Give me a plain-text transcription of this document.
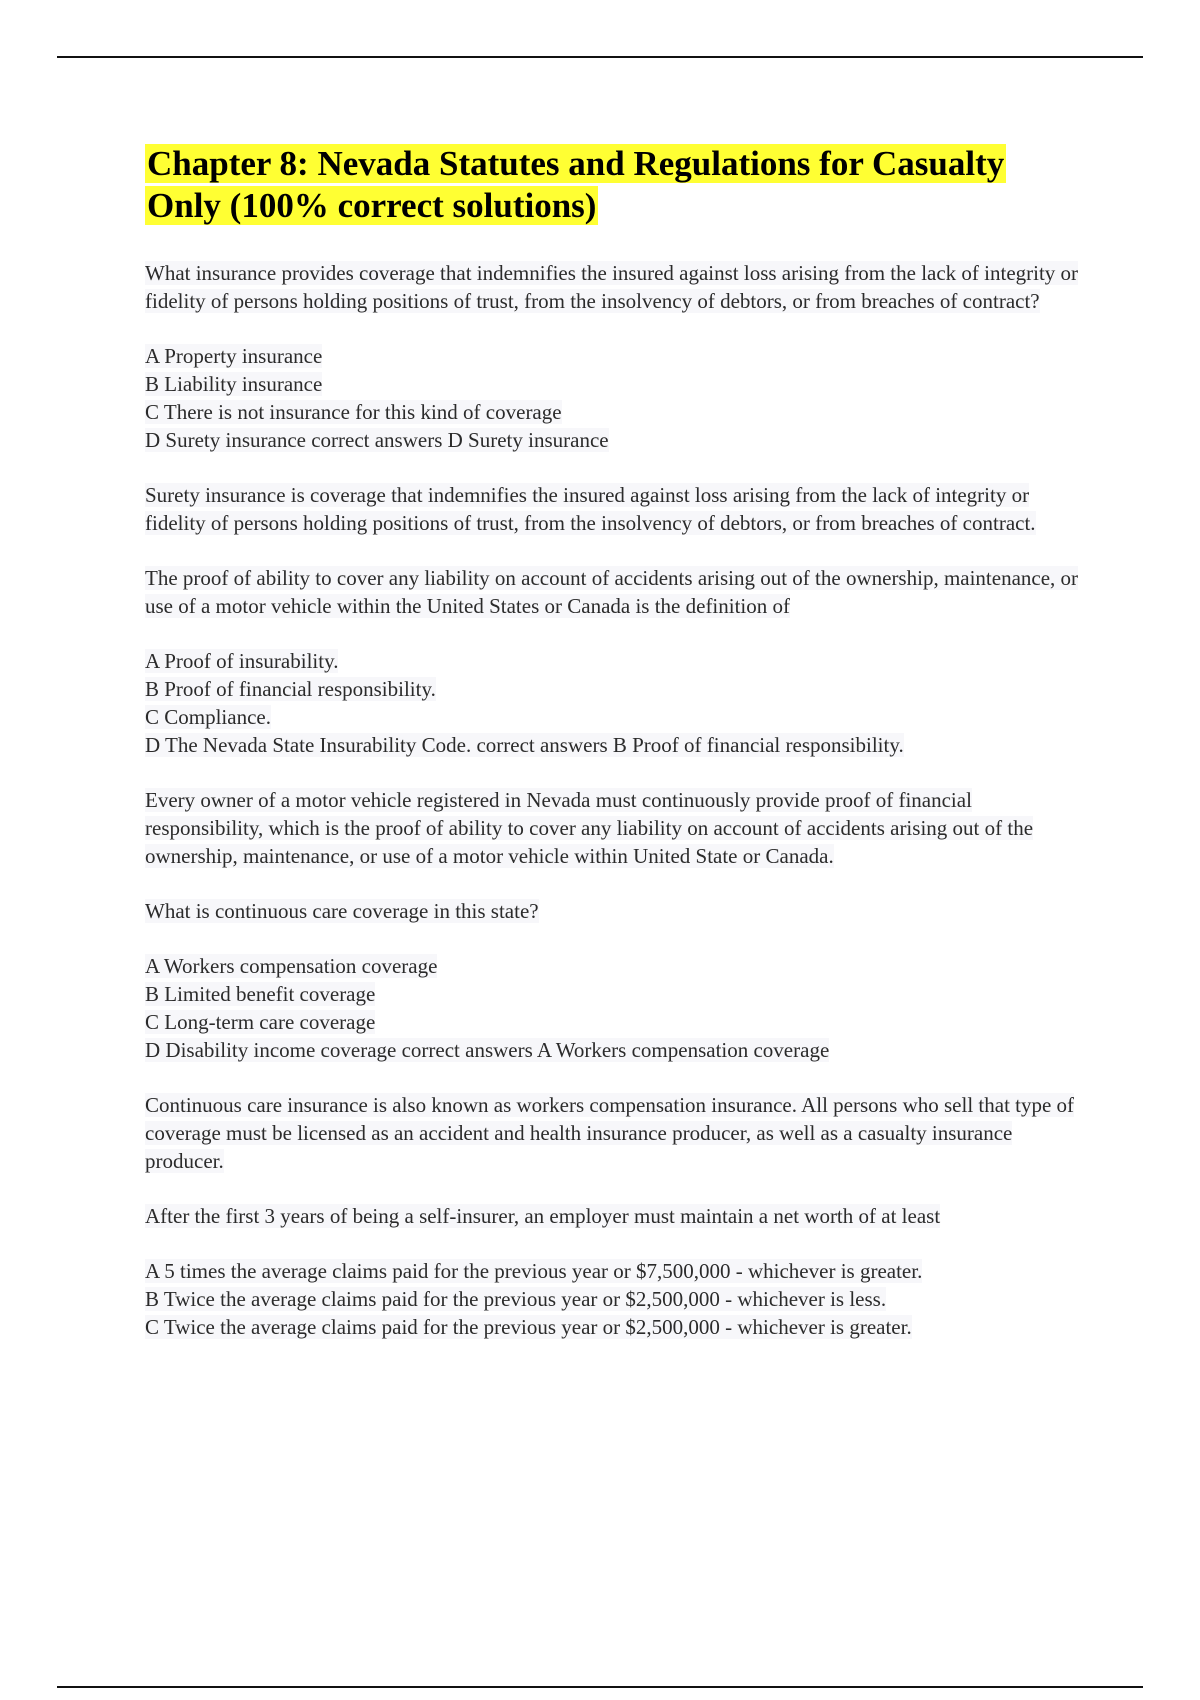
Chapter 8: Nevada Statutes and Regulations for Casualty Only (100% correct solutions)

What insurance provides coverage that indemnifies the insured against loss arising from the lack of integrity or fidelity of persons holding positions of trust, from the insolvency of debtors, or from breaches of contract?

A Property insurance
B Liability insurance
C There is not insurance for this kind of coverage
D Surety insurance correct answers D Surety insurance

Surety insurance is coverage that indemnifies the insured against loss arising from the lack of integrity or fidelity of persons holding positions of trust, from the insolvency of debtors, or from breaches of contract.

The proof of ability to cover any liability on account of accidents arising out of the ownership, maintenance, or use of a motor vehicle within the United States or Canada is the definition of

A Proof of insurability.
B Proof of financial responsibility.
C Compliance.
D The Nevada State Insurability Code. correct answers B Proof of financial responsibility.

Every owner of a motor vehicle registered in Nevada must continuously provide proof of financial responsibility, which is the proof of ability to cover any liability on account of accidents arising out of the ownership, maintenance, or use of a motor vehicle within United State or Canada.

What is continuous care coverage in this state?

A Workers compensation coverage
B Limited benefit coverage
C Long-term care coverage
D Disability income coverage correct answers A Workers compensation coverage

Continuous care insurance is also known as workers compensation insurance. All persons who sell that type of coverage must be licensed as an accident and health insurance producer, as well as a casualty insurance producer.

After the first 3 years of being a self-insurer, an employer must maintain a net worth of at least

A 5 times the average claims paid for the previous year or $7,500,000 - whichever is greater.
B Twice the average claims paid for the previous year or $2,500,000 - whichever is less.
C Twice the average claims paid for the previous year or $2,500,000 - whichever is greater.
